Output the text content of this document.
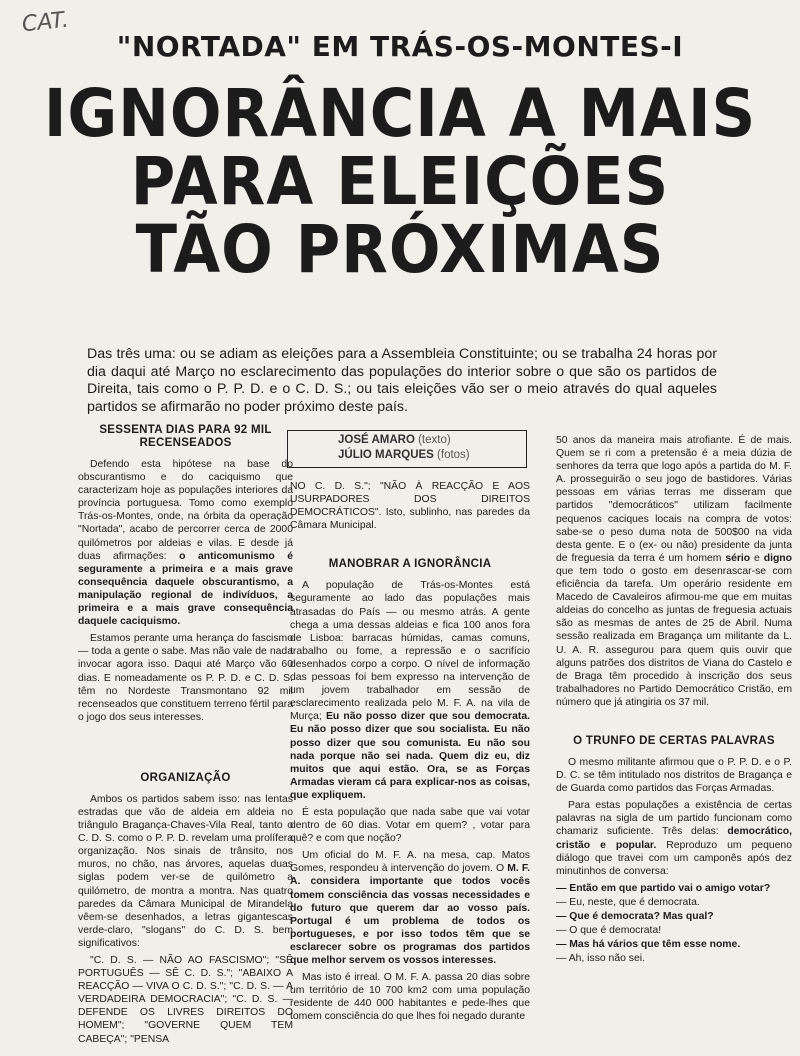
CAT.
"NORTADA" EM TRÁS-OS-MONTES-I
IGNORÂNCIA A MAIS
PARA ELEIÇÕES
TÃO PRÓXIMAS
Das três uma: ou se adiam as eleições para a Assembleia Constituinte; ou se trabalha 24 horas por dia daqui até Março no esclarecimento das populações do interior sobre o que são os partidos de Direita, tais como o P. P. D. e o C. D. S.; ou tais eleições vão ser o meio através do qual aqueles partidos se afirmarão no poder próximo deste país.
JOSÉ AMARO (texto)
JÚLIO MARQUES (fotos)
SESSENTA DIAS PARA 92 MIL RECENSEADOS

Defendo esta hipótese na base do obscurantismo e do caciquismo que caracterizam hoje as populações interiores da província portuguesa. Tomo como exemplo Trás-os-Montes, onde, na órbita da operação "Nortada", acabo de percorrer cerca de 2000 quilómetros por aldeias e vilas. E desde já duas afirmações: o anticomunismo é seguramente a primeira e a mais grave consequência daquele obscurantismo, a manipulação regional de indivíduos, a primeira e a mais grave consequência daquele caciquismo.

Estamos perante uma herança do fascismo — toda a gente o sabe. Mas não vale de nada invocar agora isso. Daqui até Março vão 60 dias. E nomeadamente os P. P. D. e C. D. S. têm no Nordeste Transmontano 92 mil recenseados que constituem terreno fértil para o jogo dos seus interesses.

ORGANIZAÇÃO

Ambos os partidos sabem isso: nas lentas estradas que vão de aldeia em aldeia no triângulo Bragança-Chaves-Vila Real, tanto o C. D. S. como o P. P. D. revelam uma prolífera organização. Nos sinais de trânsito, nos muros, no chão, nas árvores, aquelas duas siglas podem ver-se de quilómetro a quilómetro, de montra a montra. Nas quatro paredes da Câmara Municipal de Mirandela vêem-se desenhados, a letras gigantescas verde-claro, "slogans" do C. D. S. bem significativos:

"C. D. S. — NÃO AO FASCISMO"; "SÊ PORTUGUÊS — SÊ C. D. S."; "ABAIXO A REACÇÃO — VIVA O C. D. S."; "C. D. S. — A VERDADEIRA DEMOCRACIA"; "C. D. S. — DEFENDE OS LIVRES DIREITOS DO HOMEM"; "GOVERNE QUEM TEM CABEÇA"; "PENSA

NO C. D. S."; "NÃO À REACÇÃO E AOS USURPADORES DOS DIREITOS DEMOCRÁTICOS". Isto, sublinho, nas paredes da Câmara Municipal.

MANOBRAR A IGNORÂNCIA

A população de Trás-os-Montes está seguramente ao lado das populações mais atrasadas do País — ou mesmo atrás. A gente chega a uma dessas aldeias e fica 100 anos fora de Lisboa: barracas húmidas, camas comuns, trabalho ou fome, a repressão e o sacrifício desenhados corpo a corpo. O nível de informação das pessoas foi bem expresso na intervenção de um jovem trabalhador em sessão de esclarecimento realizada pelo M. F. A. na vila de Murça; Eu não posso dizer que sou democrata. Eu não posso dizer que sou socialista. Eu não posso dizer que sou comunista. Eu não sou nada porque não sei nada. Quem diz eu, diz muitos que aqui estão. Ora, se as Forças Armadas vieram cá para explicar-nos as coisas, que expliquem.

É esta população que nada sabe que vai votar dentro de 60 dias. Votar em quem? , votar para quê? e com que noção?

Um oficial do M. F. A. na mesa, cap. Matos Gomes, respondeu à intervenção do jovem. O M. F. A. considera importante que todos vocês tomem consciência das vossas necessidades e do futuro que querem dar ao vosso país. Portugal é um problema de todos os portugueses, e por isso todos têm que se esclarecer sobre os programas dos partidos que melhor servem os vossos interesses.

Mas isto é irreal. O M. F. A. passa 20 dias sobre um território de 10 700 km2 com uma população residente de 440 000 habitantes e pede-lhes que tomem consciência do que lhes foi negado durante

50 anos da maneira mais atrofiante. É de mais. Quem se ri com a pretensão é a meia dúzia de senhores da terra que logo após a partida do M. F. A. prosseguirão o seu jogo de bastidores. Várias pessoas em várias terras me disseram que partidos "democráticos" utilizam facilmente pequenos caciques locais na compra de votos: sabe-se o peso duma nota de 500$00 na vida desta gente. E o (ex- ou não) presidente da junta de freguesia da terra é um homem sério e digno que tem todo o gosto em desenrascar-se com eficiência da tarefa. Um operário residente em Macedo de Cavaleiros afirmou-me que em muitas aldeias do concelho as juntas de freguesia actuais são as mesmas de antes de 25 de Abril. Numa sessão realizada em Bragança um militante da L. U. A. R. assegurou para quem quis ouvir que alguns patrões dos distritos de Viana do Castelo e de Braga têm procedido à inscrição dos seus trabalhadores no Partido Democrático Cristão, em número que já atingiria os 37 mil.

O TRUNFO DE CERTAS PALAVRAS

O mesmo militante afirmou que o P. P. D. e o P. D. C. se têm intitulado nos distritos de Bragança e de Guarda como partidos das Forças Armadas.

Para estas populações a existência de certas palavras na sigla de um partido funcionam como chamariz suficiente. Três delas: democrático, cristão e popular. Reproduzo um pequeno diálogo que travei com um camponês após dez minutinhos de conversa:

— Então em que partido vai o amigo votar?
— Eu, neste, que é democrata.
— Que é democrata? Mas qual?
— O que é democrata!
— Mas há vários que têm esse nome.
— Ah, isso não sei.
